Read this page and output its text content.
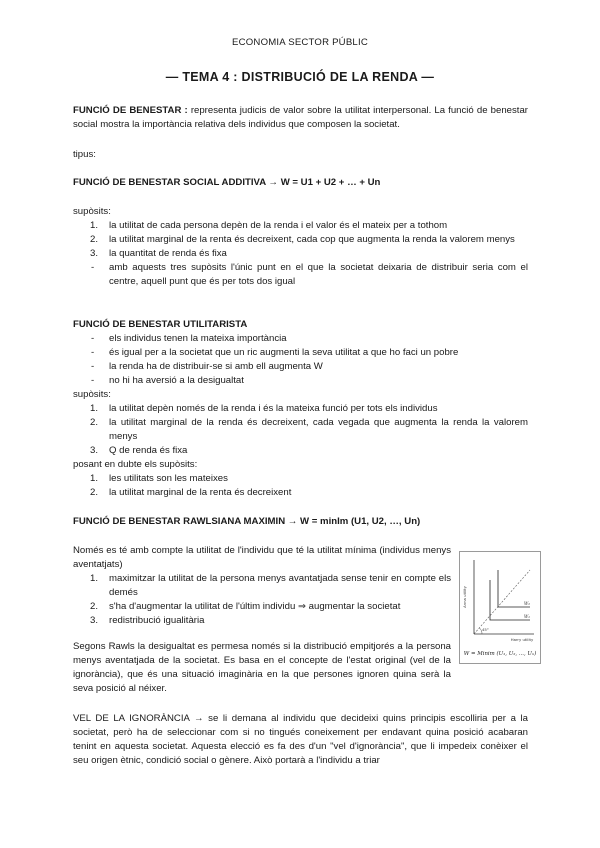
ECONOMIA SECTOR PÚBLIC
— TEMA 4 : DISTRIBUCIÓ DE LA RENDA —
FUNCIÓ DE BENESTAR : representa judicis de valor sobre la utilitat interpersonal. La funció de benestar social mostra la importància relativa dels individus que composen la societat.
tipus:
FUNCIÓ DE BENESTAR SOCIAL ADDITIVA → W = U1 + U2 + … + Un
supòsits:
1. la utilitat de cada persona depèn de la renda i el valor és el mateix per a tothom
2. la utilitat marginal de la renta és decreixent, cada cop que augmenta la renda la valorem menys
3. la quantitat de renda és fixa
- amb aquests tres supòsits l'únic punt en el que la societat deixaria de distribuir seria com el centre, aquell punt que és per tots dos igual
FUNCIÓ DE BENESTAR UTILITARISTA
- els individus tenen la mateixa importància
- és igual per a la societat que un ric augmenti la seva utilitat a que ho faci un pobre
- la renda ha de distribuir-se si amb ell augmenta W
- no hi ha aversió a la desigualtat
supòsits:
1. la utilitat depèn només de la renda i és la mateixa funció per tots els individus
2. la utilitat marginal de la renda és decreixent, cada vegada que augmenta la renda la valorem menys
3. Q de renda és fixa
posant en dubte els supòsits:
1. les utilitats son les mateixes
2. la utilitat marginal de la renta és decreixent
FUNCIÓ DE BENESTAR RAWLSIANA MAXIMIN → W = minIm (U1, U2, …, Un)
Només es té amb compte la utilitat de l'individu que té la utilitat mínima (individus menys aventatjats)
1. maximitzar la utilitat de la persona menys avantatjada sense tenir en compte els demés
2. s'ha d'augmentar la utilitat de l'últim individu ⇒ augmentar la societat
3. redistribució igualitària
Segons Rawls la desigualtat es permesa només si la distribució empitjorés a la persona menys aventatjada de la societat. Es basa en el concepte de l'estat original (vel de la ignorància), que és una situació imaginària en la que persones ignoren quina serà la seva posició al néixer.
Anna utility
Harry utility
W₂
W₁
45°
W = Minim (U₁, U₂, ..., Uₙ)
VEL DE LA IGNORÀNCIA → se li demana al individu que decideixi quins principis escolliria per a la societat, però ha de seleccionar com si no tingués coneixement per endavant quina posició acabaran tenint en aquesta societat. Aquesta elecció es fa des d'un "vel d'ignorància", que li impedeix conèixer el seu origen ètnic, condició social o gènere. Això portarà a l'individu a triar
